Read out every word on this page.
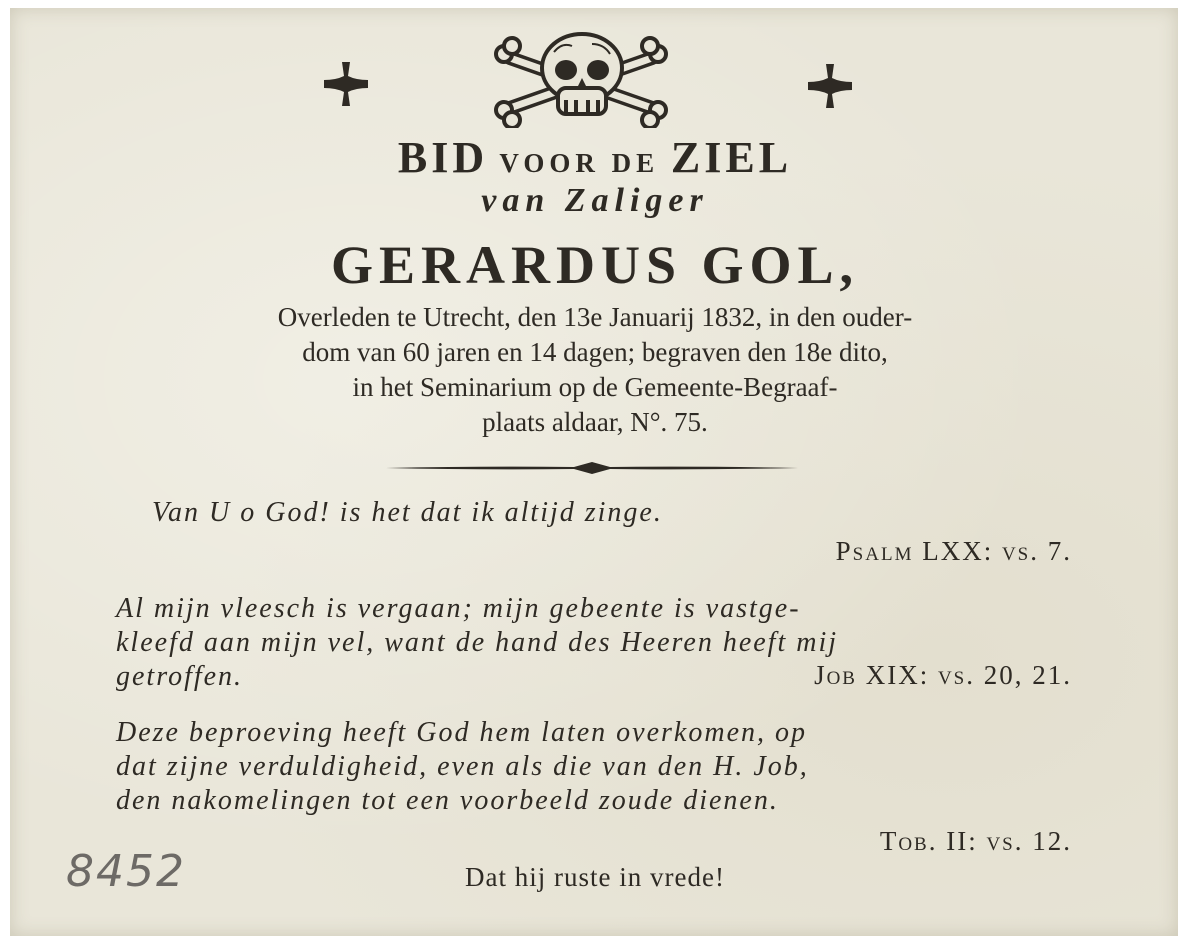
BID VOOR DE ZIEL
van Zaliger
GERARDUS GOL,
Overleden te Utrecht, den 13e Januarij 1832, in den ouder-
dom van 60 jaren en 14 dagen; begraven den 18e dito,
in het Seminarium op de Gemeente-Begraaf-
plaats aldaar, N°. 75.
Van U o God! is het dat ik altijd zinge.
Psalm LXX: vs. 7.
Al mijn vleesch is vergaan; mijn gebeente is vastge-
kleefd aan mijn vel, want de hand des Heeren heeft mij
getroffen.	Job XIX: vs. 20, 21.
Deze beproeving heeft God hem laten overkomen, op
dat zijne verduldigheid, even als die van den H. Job,
den nakomelingen tot een voorbeeld zoude dienen.
Tob. II: vs. 12.
Dat hij ruste in vrede!
8452
